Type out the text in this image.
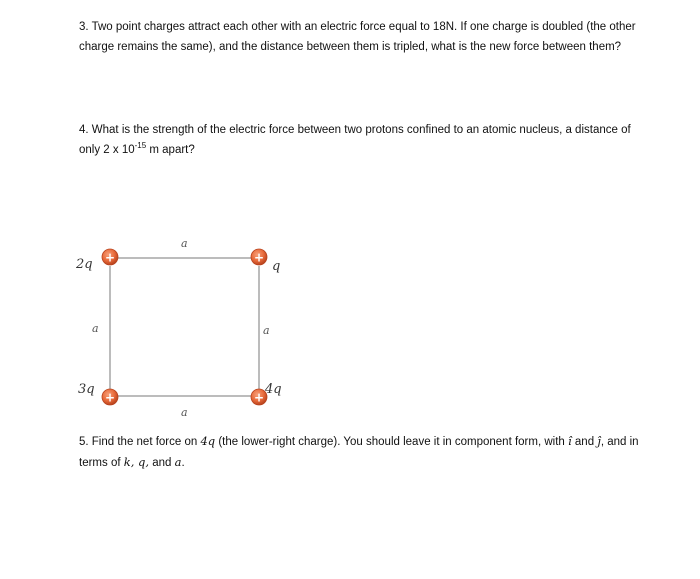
3. Two point charges attract each other with an electric force equal to 18N. If one charge is doubled (the other charge remains the same), and the distance between them is tripled, what is the new force between them?

4. What is the strength of the electric force between two protons confined to an atomic nucleus, a distance of only 2 x $10^{-15}$ m apart?

a
a	a
a
+	+
+	+
2q	q
3q	4q

5. Find the net force on 4q (the lower-right charge). You should leave it in component form, with î and ĵ, and in terms of k, q, and a.
